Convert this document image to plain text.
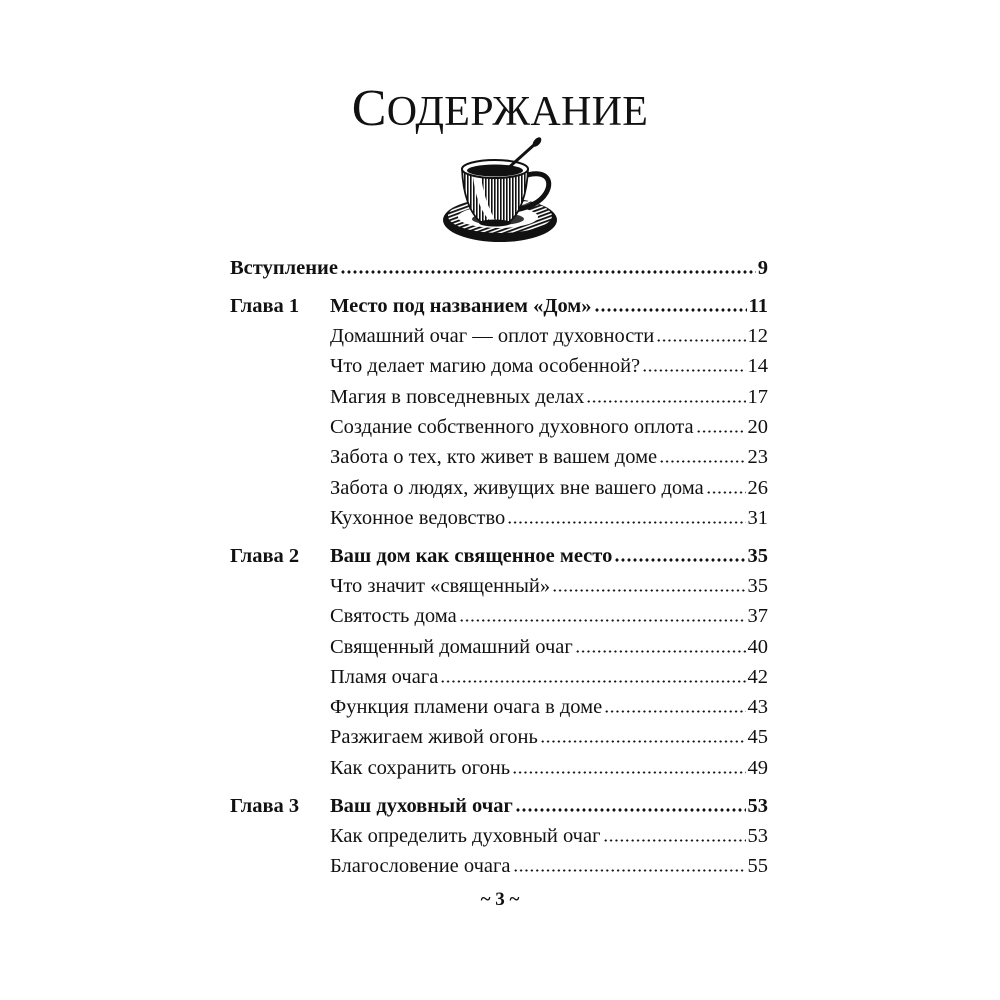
СОДЕРЖАНИЕ
Вступление	9
Глава 1 Место под названием «Дом»	11
Домашний очаг — оплот духовности	12
Что делает магию дома особенной?	14
Магия в повседневных делах	17
Создание собственного духовного оплота	20
Забота о тех, кто живет в вашем доме	23
Забота о людях, живущих вне вашего дома 26
Кухонное ведовство	31
Глава 2 Ваш дом как священное место	35
Что значит «священный»	35
Святость дома	37
Священный домашний очаг	40
Пламя очага	42
Функция пламени очага в доме	43
Разжигаем живой огонь	45
Как сохранить огонь	49
Глава 3 Ваш духовный очаг	53
Как определить духовный очаг	53
Благословение очага	55
~ 3 ~
